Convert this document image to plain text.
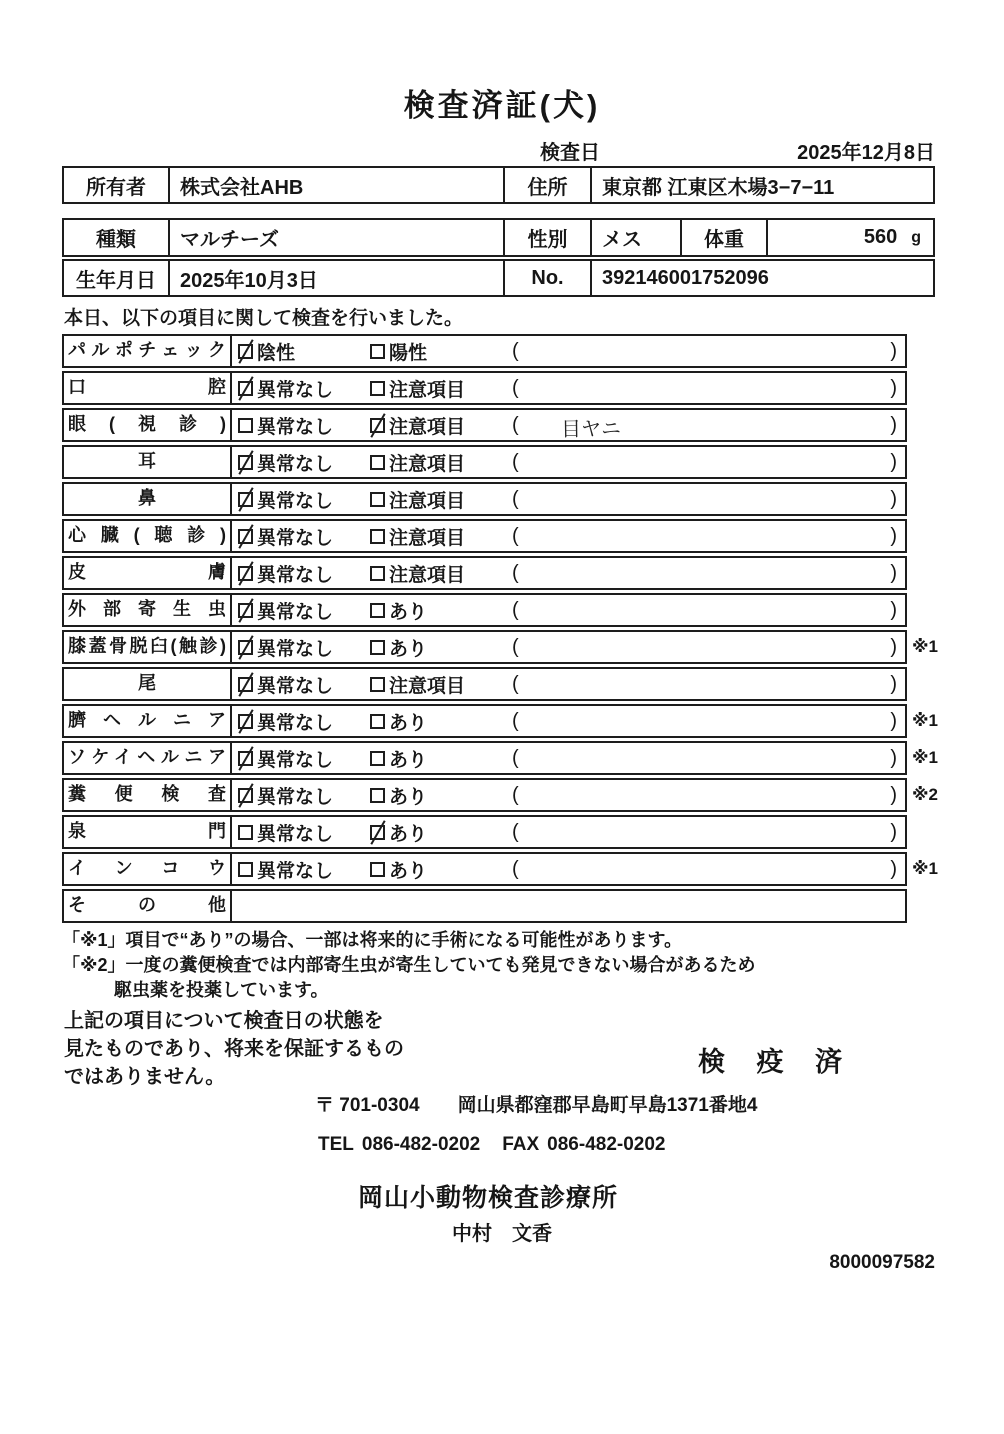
検査済証(犬)
検査日	2025年12月8日
所有者	株式会社AHB	住所	東京都 江東区木場3−7−11
種類	マルチーズ	性別	メス	体重	560 g
生年月日	2025年10月3日	No.	392146001752096
本日、以下の項目に関して検査を行いました。
パルポチェック	陰性	陽性	(	)
口腔	異常なし	注意項目 (	)
眼(視診)	異常なし	注意項目 (	目ヤニ	)
耳	異常なし	注意項目 (	)
鼻	異常なし	注意項目 (	)
心臓(聴診)	異常なし	注意項目 (	)
皮膚	異常なし	注意項目 (	)
外部寄生虫	異常なし	あり	(	)
膝蓋骨脱臼(触診)	異常なし	あり	(	) ※1
尾	異常なし	注意項目 (	)
臍ヘルニア	異常なし	あり	(	) ※1
ソケイヘルニア	異常なし	あり	(	) ※1
糞便検査	異常なし	あり	(	) ※2
泉門	異常なし	あり	(	)
インコウ	異常なし	あり	(	) ※1
その他
「※1」項目で“あり”の場合、一部は将来的に手術になる可能性があります。
「※2」一度の糞便検査では内部寄生虫が寄生していても発見できない場合があるため
駆虫薬を投薬しています。
上記の項目について検査日の状態を
見たものであり、将来を保証するもの
ではありません。	検 疫 済
〒 701-0304 岡山県都窪郡早島町早島1371番地4
TEL 086-482-0202 FAX 086-482-0202
岡山小動物検査診療所
中村　文香
8000097582
